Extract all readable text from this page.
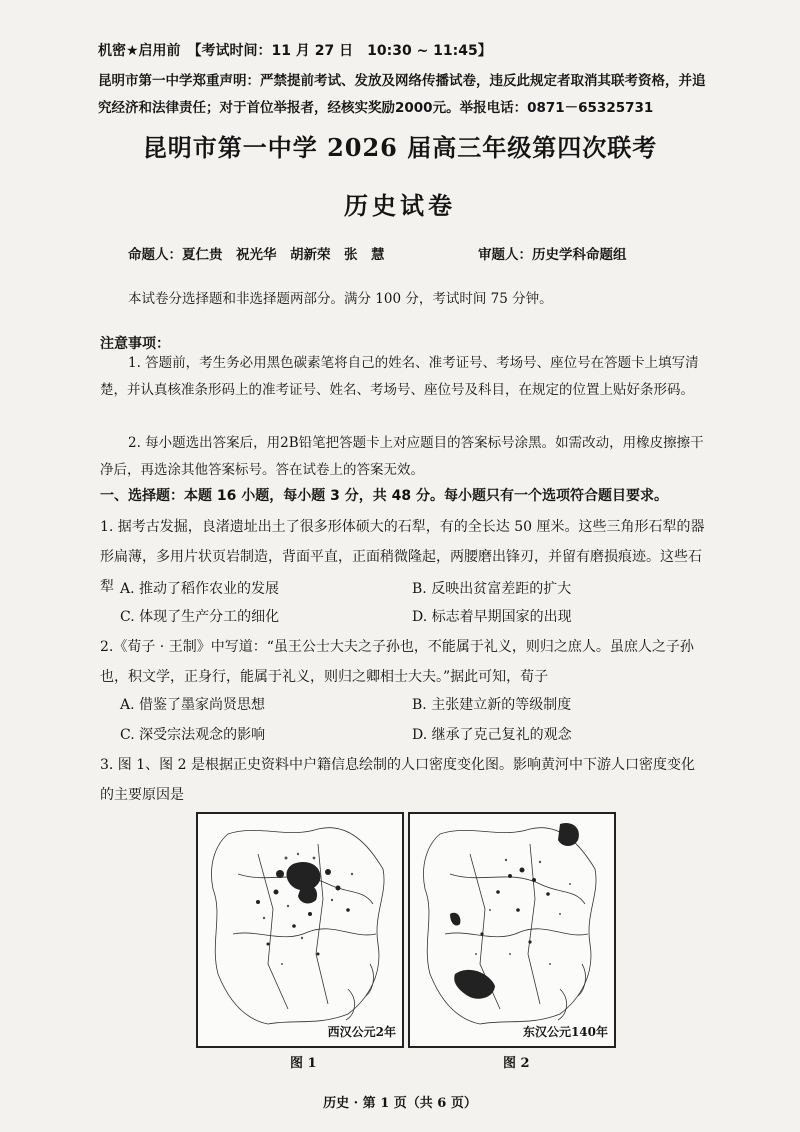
机密★启用前　【考试时间：11 月 27 日　10:30 ~ 11:45】
昆明市第一中学郑重声明：严禁提前考试、发放及网络传播试卷，违反此规定者取消其联考资格，并追究经济和法律责任；对于首位举报者，经核实奖励2000元。举报电话：0871－65325731
昆明市第一中学 2026 届高三年级第四次联考
历史试卷
命题人：夏仁贵　祝光华　胡新荣　张　慧	审题人：历史学科命题组
本试卷分选择题和非选择题两部分。满分 100 分，考试时间 75 分钟。
注意事项：
1. 答题前，考生务必用黑色碳素笔将自己的姓名、准考证号、考场号、座位号在答题卡上填写清楚，并认真核准条形码上的准考证号、姓名、考场号、座位号及科目，在规定的位置上贴好条形码。
2. 每小题选出答案后，用2B铅笔把答题卡上对应题目的答案标号涂黑。如需改动，用橡皮擦擦干净后，再选涂其他答案标号。答在试卷上的答案无效。
一、选择题：本题 16 小题，每小题 3 分，共 48 分。每小题只有一个选项符合题目要求。
1. 据考古发掘，良渚遗址出土了很多形体硕大的石犁，有的全长达 50 厘米。这些三角形石犁的器形扁薄，多用片状页岩制造，背面平直，正面稍微隆起，两腰磨出锋刃，并留有磨损痕迹。这些石犁 A. 推动了稻作农业的发展	B. 反映出贫富差距的扩大
C. 体现了生产分工的细化	D. 标志着早期国家的出现
2.《荀子 · 王制》中写道：“虽王公士大夫之子孙也，不能属于礼义，则归之庶人。虽庶人之子孙也，积文学，正身行，能属于礼义，则归之卿相士大夫。”据此可知，荀子
A. 借鉴了墨家尚贤思想	B. 主张建立新的等级制度
C. 深受宗法观念的影响	D. 继承了克己复礼的观念
3. 图 1、图 2 是根据正史资料中户籍信息绘制的人口密度变化图。影响黄河中下游人口密度变化的主要原因是
西汉公元2年	东汉公元140年
图 1	图 2
历史 · 第 1 页（共 6 页）
